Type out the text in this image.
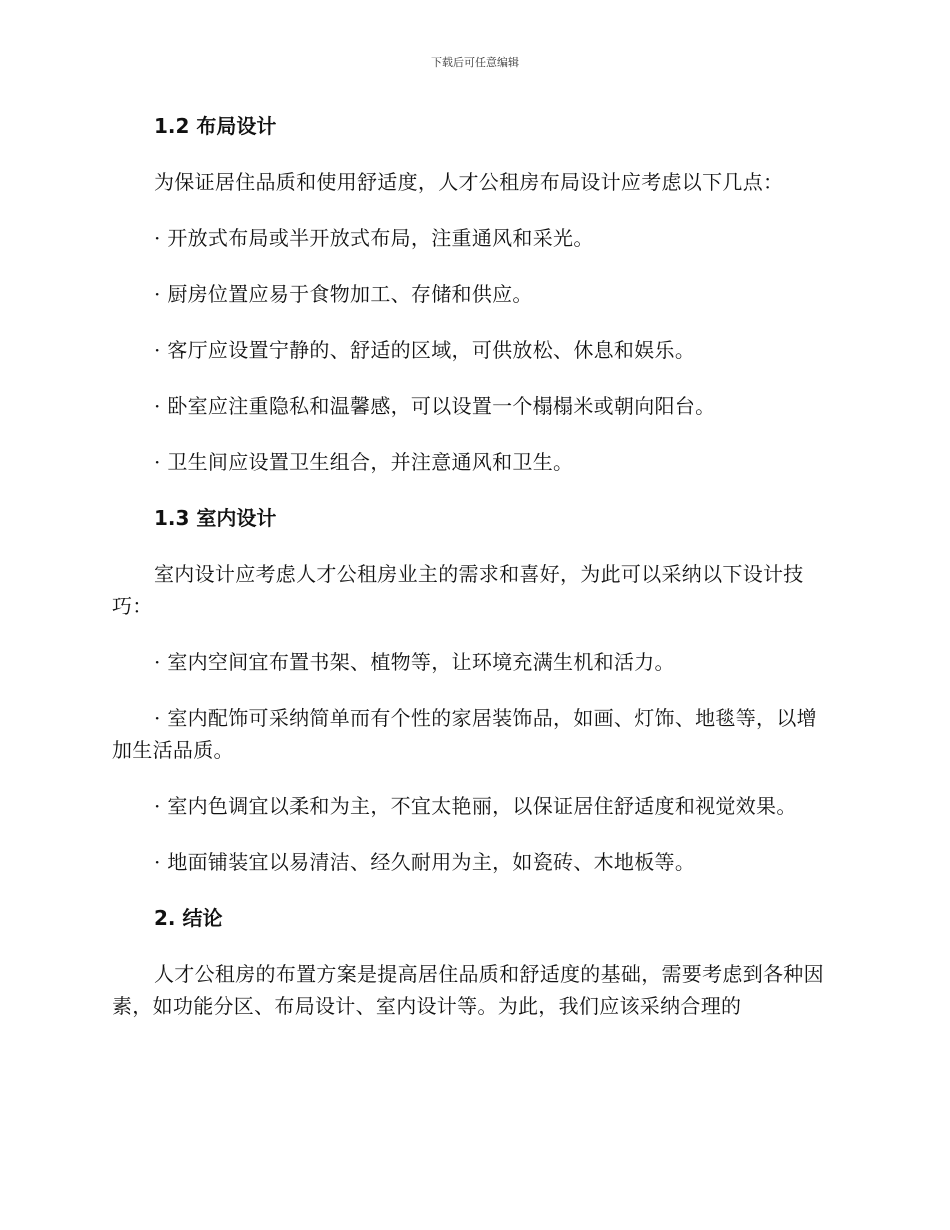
下载后可任意编辑
1.2 布局设计

为保证居住品质和使用舒适度，人才公租房布局设计应考虑以下几点：

· 开放式布局或半开放式布局，注重通风和采光。

· 厨房位置应易于食物加工、存储和供应。

· 客厅应设置宁静的、舒适的区域，可供放松、休息和娱乐。

· 卧室应注重隐私和温馨感，可以设置一个榻榻米或朝向阳台。

· 卫生间应设置卫生组合，并注意通风和卫生。

1.3 室内设计

室内设计应考虑人才公租房业主的需求和喜好，为此可以采纳以下设计技巧：

· 室内空间宜布置书架、植物等，让环境充满生机和活力。

· 室内配饰可采纳简单而有个性的家居装饰品，如画、灯饰、地毯等，以增加生活品质。

· 室内色调宜以柔和为主，不宜太艳丽，以保证居住舒适度和视觉效果。

· 地面铺装宜以易清洁、经久耐用为主，如瓷砖、木地板等。

2. 结论

人才公租房的布置方案是提高居住品质和舒适度的基础，需要考虑到各种因素，如功能分区、布局设计、室内设计等。为此，我们应该采纳合理的
